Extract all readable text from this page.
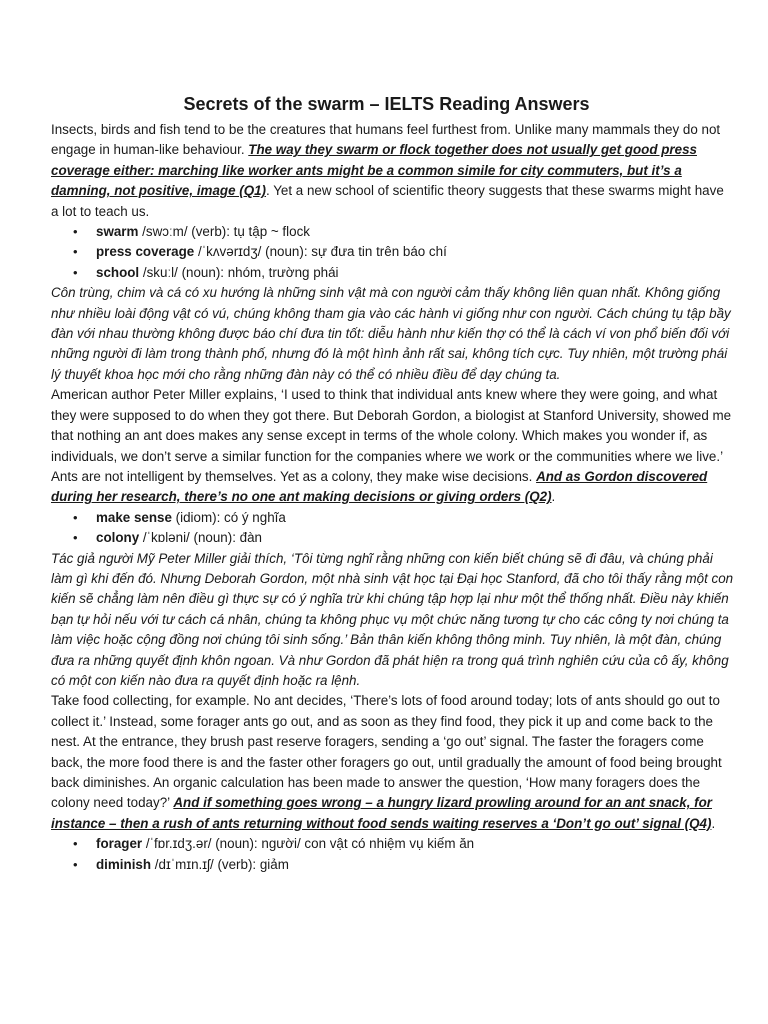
Secrets of the swarm – IELTS Reading Answers

Insects, birds and fish tend to be the creatures that humans feel furthest from. Unlike many mammals they do not engage in human-like behaviour. The way they swarm or flock together does not usually get good press coverage either: marching like worker ants might be a common simile for city commuters, but it’s a damning, not positive, image (Q1). Yet a new school of scientific theory suggests that these swarms might have a lot to teach us.

• swarm /swɔːm/ (verb): tụ tập ~ flock
• press coverage /ˈkʌvərɪdʒ/ (noun): sự đưa tin trên báo chí
• school /skuːl/ (noun): nhóm, trường phái

Côn trùng, chim và cá có xu hướng là những sinh vật mà con người cảm thấy không liên quan nhất. Không giống như nhiều loài động vật có vú, chúng không tham gia vào các hành vi giống như con người. Cách chúng tụ tập bầy đàn với nhau thường không được báo chí đưa tin tốt: diễu hành như kiến thợ có thể là cách ví von phổ biến đối với những người đi làm trong thành phố, nhưng đó là một hình ảnh rất sai, không tích cực. Tuy nhiên, một trường phái lý thuyết khoa học mới cho rằng những đàn này có thể có nhiều điều để dạy chúng ta.

American author Peter Miller explains, ‘I used to think that individual ants knew where they were going, and what they were supposed to do when they got there. But Deborah Gordon, a biologist at Stanford University, showed me that nothing an ant does makes any sense except in terms of the whole colony. Which makes you wonder if, as individuals, we don’t serve a similar function for the companies where we work or the communities where we live.’ Ants are not intelligent by themselves. Yet as a colony, they make wise decisions. And as Gordon discovered during her research, there’s no one ant making decisions or giving orders (Q2).

• make sense (idiom): có ý nghĩa
• colony /ˈkɒləni/ (noun): đàn

Tác giả người Mỹ Peter Miller giải thích, ‘Tôi từng nghĩ rằng những con kiến biết chúng sẽ đi đâu, và chúng phải làm gì khi đến đó. Nhưng Deborah Gordon, một nhà sinh vật học tại Đại học Stanford, đã cho tôi thấy rằng một con kiến sẽ chẳng làm nên điều gì thực sự có ý nghĩa trừ khi chúng tập hợp lại như một thể thống nhất. Điều này khiến bạn tự hỏi nếu với tư cách cá nhân, chúng ta không phục vụ một chức năng tương tự cho các công ty nơi chúng ta làm việc hoặc cộng đồng nơi chúng tôi sinh sống.’ Bản thân kiến không thông minh. Tuy nhiên, là một đàn, chúng đưa ra những quyết định khôn ngoan. Và như Gordon đã phát hiện ra trong quá trình nghiên cứu của cô ấy, không có một con kiến nào đưa ra quyết định hoặc ra lệnh.

Take food collecting, for example. No ant decides, ‘There’s lots of food around today; lots of ants should go out to collect it.’ Instead, some forager ants go out, and as soon as they find food, they pick it up and come back to the nest. At the entrance, they brush past reserve foragers, sending a ‘go out’ signal. The faster the foragers come back, the more food there is and the faster other foragers go out, until gradually the amount of food being brought back diminishes. An organic calculation has been made to answer the question, ‘How many foragers does the colony need today?’ And if something goes wrong – a hungry lizard prowling around for an ant snack, for instance – then a rush of ants returning without food sends waiting reserves a ‘Don’t go out’ signal (Q4).

• forager /ˈfɒr.ɪdʒ.ər/ (noun): người/ con vật có nhiệm vụ kiếm ăn
• diminish /dɪˈmɪn.ɪʃ/ (verb): giảm
